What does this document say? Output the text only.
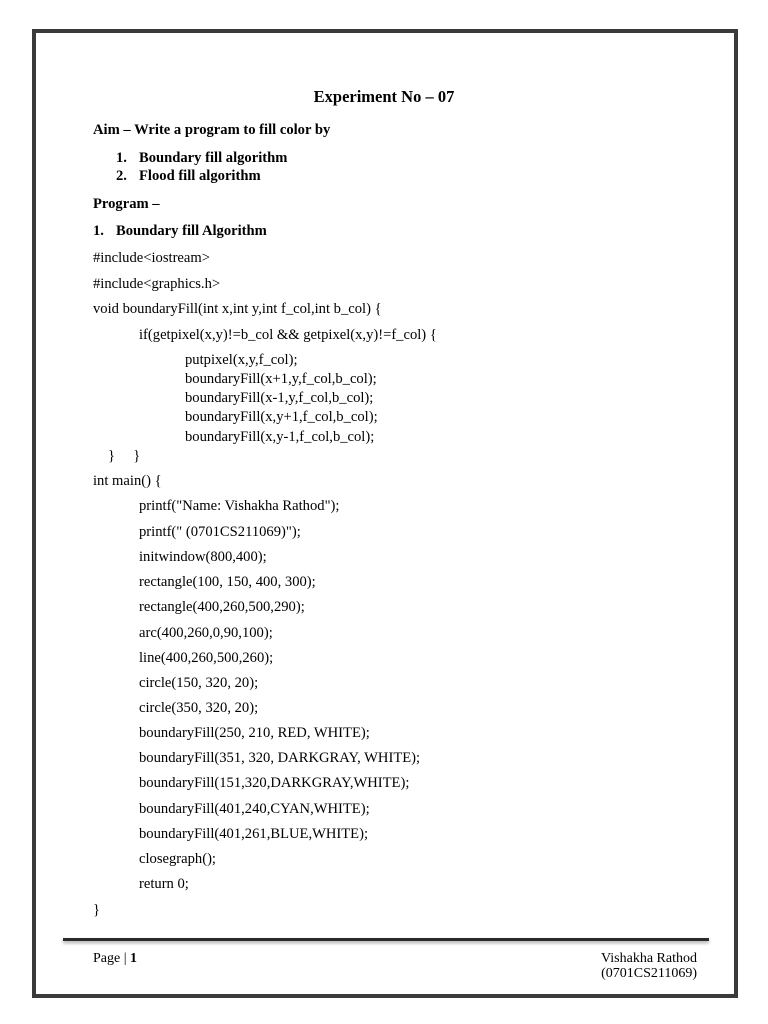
Experiment No – 07
Aim – Write a program to fill color by
1. Boundary fill algorithm
2. Flood fill algorithm
Program –
1. Boundary fill Algorithm
#include<iostream>
#include<graphics.h>
void boundaryFill(int x,int y,int f_col,int b_col) {
if(getpixel(x,y)!=b_col && getpixel(x,y)!=f_col) {
putpixel(x,y,f_col);
boundaryFill(x+1,y,f_col,b_col);
boundaryFill(x-1,y,f_col,b_col);
boundaryFill(x,y+1,f_col,b_col);
boundaryFill(x,y-1,f_col,b_col);
}     }
int main() {
printf("Name: Vishakha Rathod");
printf(" (0701CS211069)");
initwindow(800,400);
rectangle(100, 150, 400, 300);
rectangle(400,260,500,290);
arc(400,260,0,90,100);
line(400,260,500,260);
circle(150, 320, 20);
circle(350, 320, 20);
boundaryFill(250, 210, RED, WHITE);
boundaryFill(351, 320, DARKGRAY, WHITE);
boundaryFill(151,320,DARKGRAY,WHITE);
boundaryFill(401,240,CYAN,WHITE);
boundaryFill(401,261,BLUE,WHITE);
closegraph();
return 0;
}
Page | 1	Vishakha Rathod
(0701CS211069)
